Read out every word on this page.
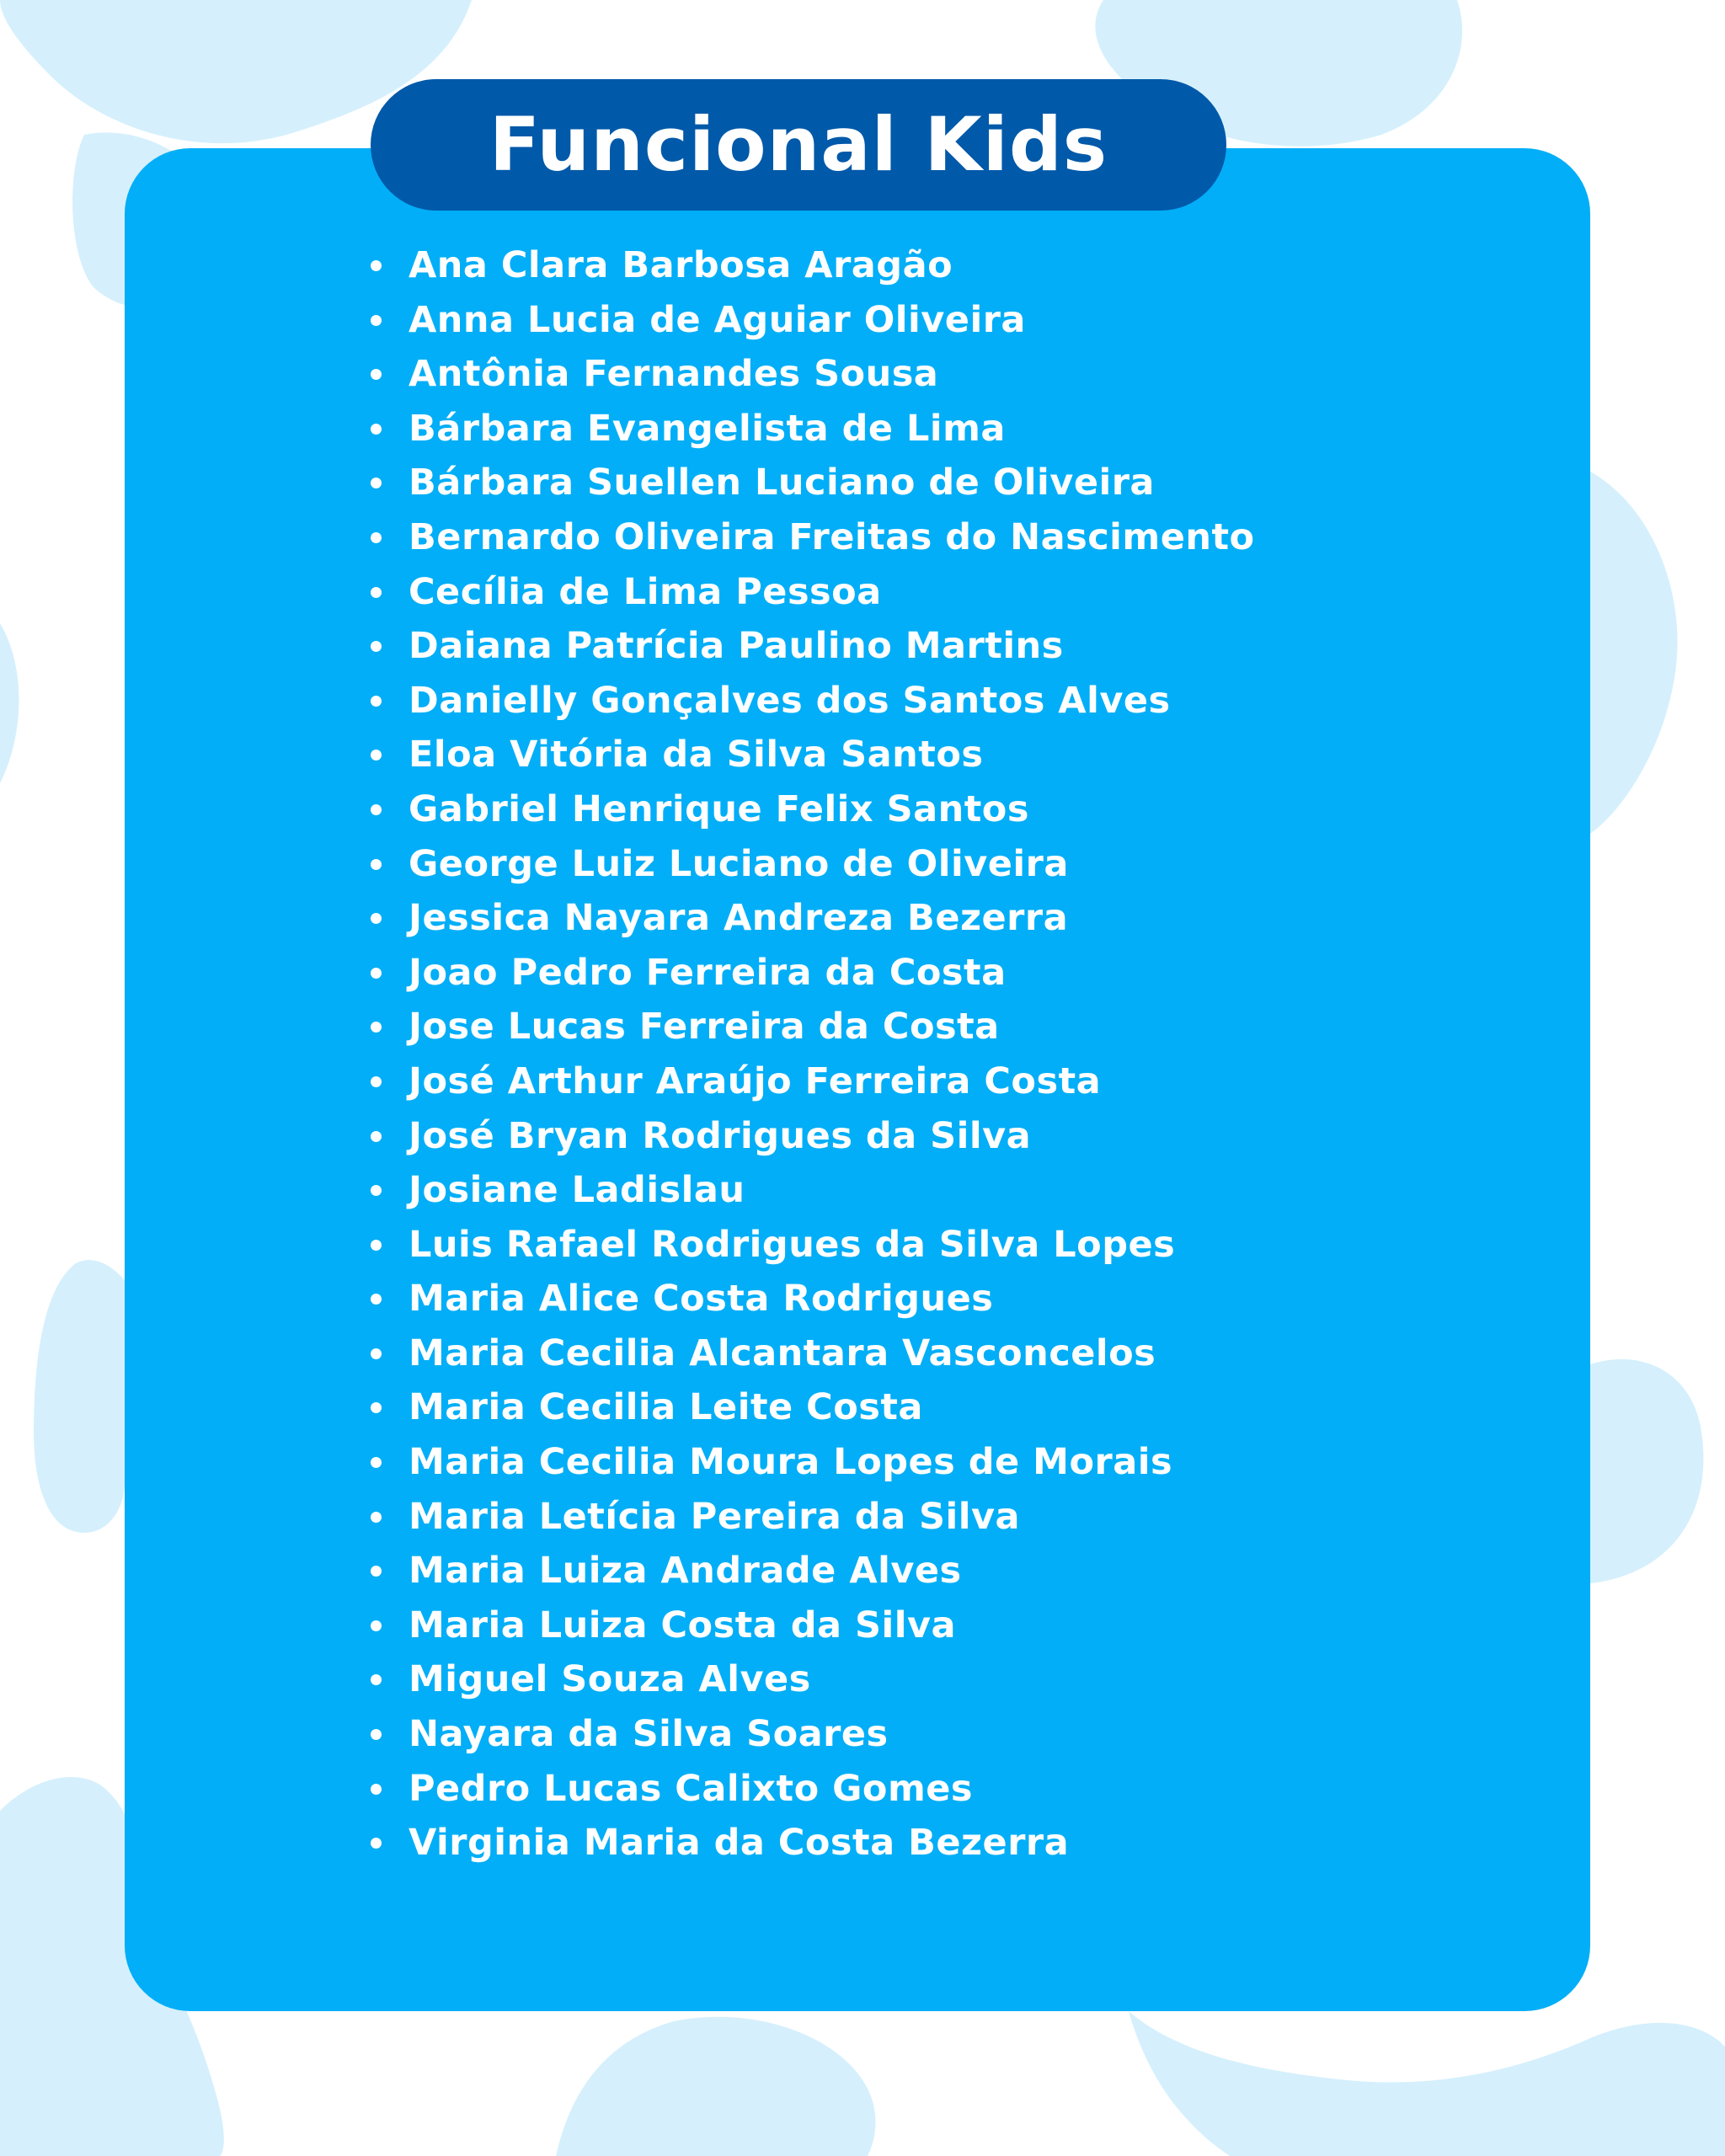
Funcional Kids
Ana Clara Barbosa Aragão
Anna Lucia de Aguiar Oliveira
Antônia Fernandes Sousa
Bárbara Evangelista de Lima
Bárbara Suellen Luciano de Oliveira
Bernardo Oliveira Freitas do Nascimento
Cecília de Lima Pessoa
Daiana Patrícia Paulino Martins
Danielly Gonçalves dos Santos Alves
Eloa Vitória da Silva Santos
Gabriel Henrique Felix Santos
George Luiz Luciano de Oliveira
Jessica Nayara Andreza Bezerra
Joao Pedro Ferreira da Costa
Jose Lucas Ferreira da Costa
José Arthur Araújo Ferreira Costa
José Bryan Rodrigues da Silva
Josiane Ladislau
Luis Rafael Rodrigues da Silva Lopes
Maria Alice Costa Rodrigues
Maria Cecilia Alcantara Vasconcelos
Maria Cecilia Leite Costa
Maria Cecilia Moura Lopes de Morais
Maria Letícia Pereira da Silva
Maria Luiza Andrade Alves
Maria Luiza Costa da Silva
Miguel Souza Alves
Nayara da Silva Soares
Pedro Lucas Calixto Gomes
Virginia Maria da Costa Bezerra
